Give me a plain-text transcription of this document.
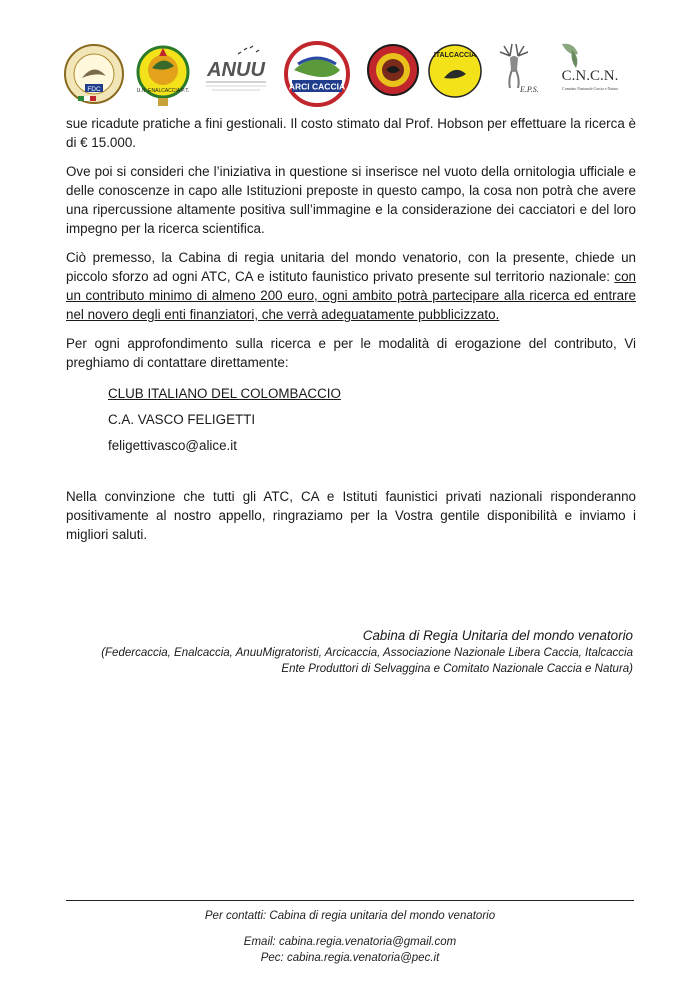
FDC	U.N. ENALCACCIA P.T.
ANUU
ARCI CACCIA
ITALCACCIA
E.P.S.
C.N.C.N.
Comitato Nazionale Caccia e Natura

sue ricadute pratiche a fini gestionali. Il costo stimato dal Prof. Hobson per effettuare la ricerca è di € 15.000.

Ove poi si consideri che l’iniziativa in questione si inserisce nel vuoto della ornitologia ufficiale e delle conoscenze in capo alle Istituzioni preposte in questo campo, la cosa non potrà che avere una ripercussione altamente positiva sull’immagine e la considerazione dei cacciatori e del loro impegno per la ricerca scientifica.

Ciò premesso, la Cabina di regia unitaria del mondo venatorio, con la presente, chiede un piccolo sforzo ad ogni ATC, CA e istituto faunistico privato presente sul territorio nazionale: con un contributo minimo di almeno 200 euro, ogni ambito potrà partecipare alla ricerca ed entrare nel novero degli enti finanziatori, che verrà adeguatamente pubblicizzato.

Per ogni approfondimento sulla ricerca e per le modalità di erogazione del contributo, Vi preghiamo di contattare direttamente:

CLUB ITALIANO DEL COLOMBACCIO
C.A. VASCO FELIGETTI
feligettivasco@alice.it
Nella convinzione che tutti gli ATC, CA e Istituti faunistici privati nazionali risponderanno positivamente al nostro appello, ringraziamo per la Vostra gentile disponibilità e inviamo i migliori saluti.
Cabina di Regia Unitaria del mondo venatorio
(Federcaccia, Enalcaccia, AnuuMigratoristi, Arcicaccia, Associazione Nazionale Libera Caccia, Italcaccia
Ente Produttori di Selvaggina e Comitato Nazionale Caccia e Natura)
Per contatti: Cabina di regia unitaria del mondo venatorio
Email: cabina.regia.venatoria@gmail.com
Pec: cabina.regia.venatoria@pec.it
